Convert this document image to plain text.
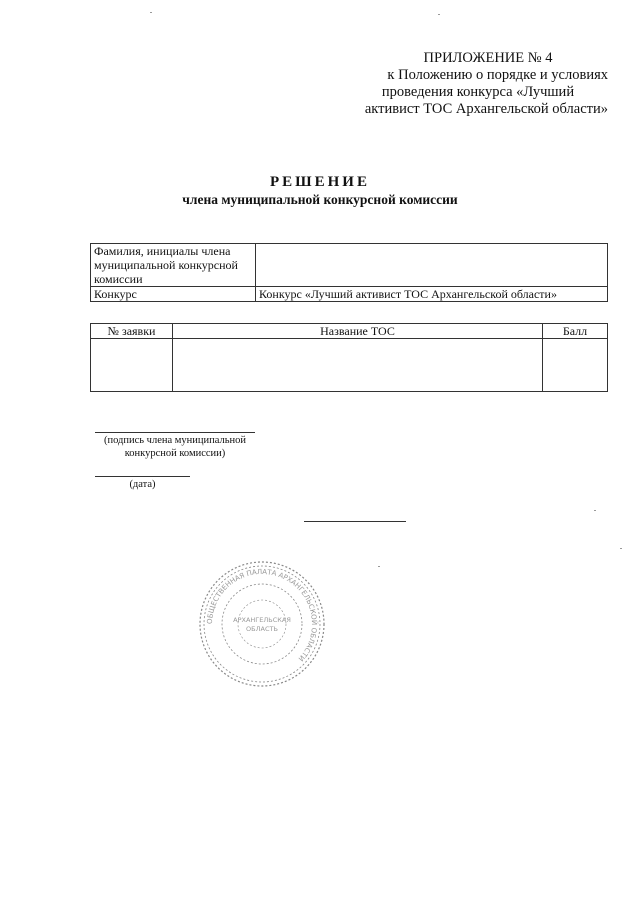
ПРИЛОЖЕНИЕ № 4
к Положению о порядке и условиях
проведения конкурса «Лучший
активист ТОС Архангельской области»
РЕШЕНИЕ
члена муниципальной конкурсной комиссии
Фамилия, инициалы члена муниципальной конкурсной комиссии	
Конкурс	Конкурс «Лучший активист ТОС Архангельской области»
№ заявки	Название ТОС	Балл

(подпись члена муниципальной
конкурсной комиссии)
(дата)
ОБЩЕСТВЕННАЯ ПАЛАТА АРХАНГЕЛЬСКОЙ ОБЛАСТИ
АРХАНГЕЛЬСКАЯ
ОБЛАСТЬ
